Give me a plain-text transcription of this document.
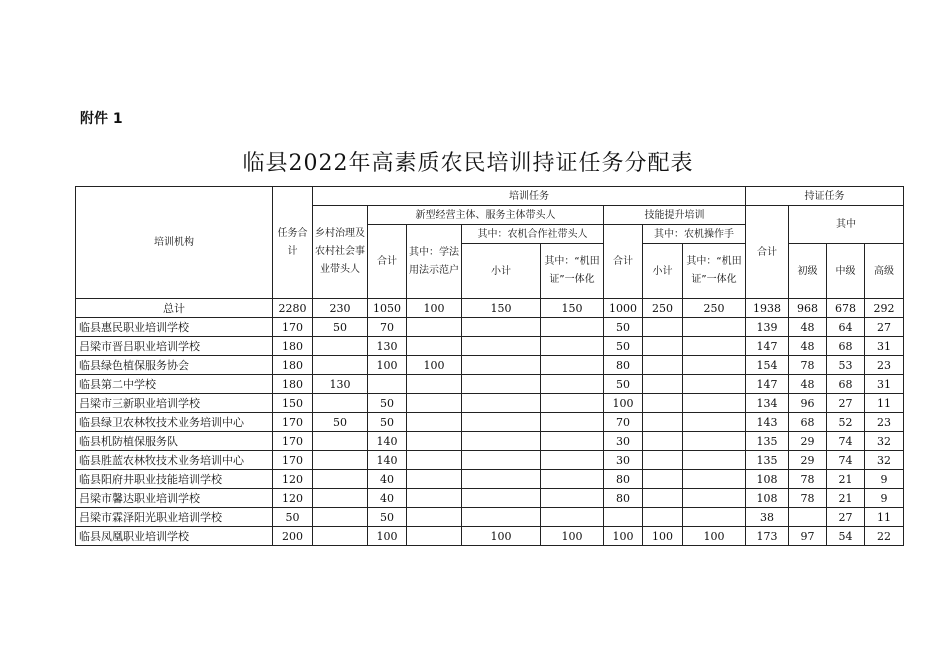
附件 1
临县2022年高素质农民培训持证任务分配表
培训机构	任务合计	培训任务								持证任务			
		乡村治理及农村社会事业带头人	新型经营主体、服务主体带头人				技能提升培训			合计	其中		
			合计	其中：学法用法示范户	其中：农机合作社带头人		合计	其中：农机操作手					
					小计	其中：“机田证”一体化		小计	其中：“机田证”一体化		初级	中级	高级
总计	2280	230	1050	100	150	150	1000	250	250	1938	968	678	292
临县惠民职业培训学校	170	50	70				50			139	48	64	27
吕梁市晋吕职业培训学校	180		130				50			147	48	68	31
临县绿色植保服务协会	180		100	100			80			154	78	53	23
临县第二中学校	180	130					50			147	48	68	31
吕梁市三新职业培训学校	150		50				100			134	96	27	11
临县绿卫农林牧技术业务培训中心	170	50	50				70			143	68	52	23
临县机防植保服务队	170		140				30			135	29	74	32
临县胜蓝农林牧技术业务培训中心	170		140				30			135	29	74	32
临县阳府井职业技能培训学校	120		40				80			108	78	21	9
吕梁市馨达职业培训学校	120		40				80			108	78	21	9
吕梁市霖泽阳光职业培训学校	50		50							38		27	11
临县凤凰职业培训学校	200		100		100	100	100	100	100	173	97	54	22
